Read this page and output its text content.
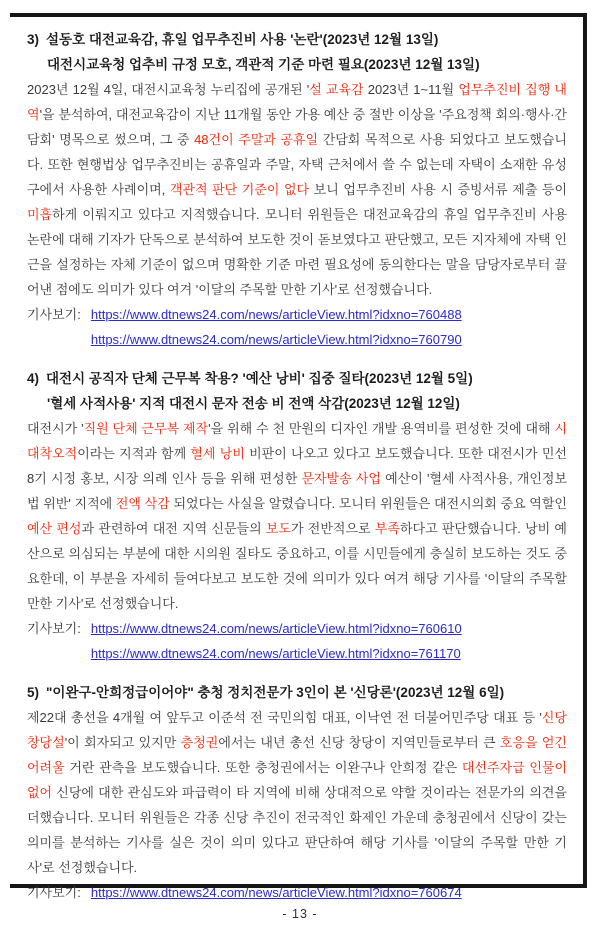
3) 설동호 대전교육감, 휴일 업무추진비 사용 '논란'(2023년 12월 13일)
대전시교육청 업추비 규정 모호, 객관적 기준 마련 필요(2023년 12월 13일)

2023년 12월 4일, 대전시교육청 누리집에 공개된 '설 교육감 2023년 1~11월 업무추진비 집행 내역'을 분석하여, 대전교육감이 지난 11개월 동안 가용 예산 중 절반 이상을 '주요정책 회의·행사·간담회' 명목으로 썼으며, 그 중 48건이 주말과 공휴일 간담회 목적으로 사용 되었다고 보도했습니다. 또한 현행법상 업무추진비는 공휴일과 주말, 자택 근처에서 쓸 수 없는데 자택이 소재한 유성구에서 사용한 사례이며, 객관적 판단 기준이 없다 보니 업무추진비 사용 시 증빙서류 제출 등이 미흡하게 이뤄지고 있다고 지적했습니다. 모니터 위원들은 대전교육감의 휴일 업무추진비 사용 논란에 대해 기자가 단독으로 분석하여 보도한 것이 돋보였다고 판단했고, 모든 지자체에 자택 인근을 설정하는 자체 기준이 없으며 명확한 기준 마련 필요성에 동의한다는 말을 담당자로부터 끌어낸 점에도 의미가 있다 여겨 '이달의 주목할 만한 기사'로 선정했습니다.

기사보기: https://www.dtnews24.com/news/articleView.html?idxno=760488
https://www.dtnews24.com/news/articleView.html?idxno=760790
4) 대전시 공직자 단체 근무복 착용? '예산 낭비' 집중 질타(2023년 12월 5일)
'혈세 사적사용' 지적 대전시 문자 전송 비 전액 삭감(2023년 12월 12일)

대전시가 '직원 단체 근무복 제작'을 위해 수 천 만원의 디자인 개발 용역비를 편성한 것에 대해 시대착오적이라는 지적과 함께 혈세 낭비 비판이 나오고 있다고 보도했습니다. 또한 대전시가 민선8기 시정 홍보, 시장 의례 인사 등을 위해 편성한 문자발송 사업 예산이 '혈세 사적사용, 개인정보법 위반' 지적에 전액 삭감 되었다는 사실을 알렸습니다. 모니터 위원들은 대전시의회 중요 역할인 예산 편성과 관련하여 대전 지역 신문들의 보도가 전반적으로 부족하다고 판단했습니다. 낭비 예산으로 의심되는 부분에 대한 시의원 질타도 중요하고, 이를 시민들에게 충실히 보도하는 것도 중요한데, 이 부분을 자세히 들여다보고 보도한 것에 의미가 있다 여겨 해당 기사를 '이달의 주목할 만한 기사'로 선정했습니다.

기사보기: https://www.dtnews24.com/news/articleView.html?idxno=760610
https://www.dtnews24.com/news/articleView.html?idxno=761170
5) "이완구-안희정급이어야" 충청 정치전문가 3인이 본 '신당론'(2023년 12월 6일)

제22대 총선을 4개월 여 앞두고 이준석 전 국민의힘 대표, 이낙연 전 더불어민주당 대표 등 '신당 창당설'이 회자되고 있지만 충청권에서는 내년 총선 신당 창당이 지역민들로부터 큰 호응을 얻긴 어려울 거란 관측을 보도했습니다. 또한 충청권에서는 이완구나 안희정 같은 대선주자급 인물이 없어 신당에 대한 관심도와 파급력이 타 지역에 비해 상대적으로 약할 것이라는 전문가의 의견을 더했습니다. 모니터 위원들은 각종 신당 추진이 전국적인 화제인 가운데 충청권에서 신당이 갖는 의미를 분석하는 기사를 실은 것이 의미 있다고 판단하여 해당 기사를 '이달의 주목할 만한 기사'로 선정했습니다.

기사보기: https://www.dtnews24.com/news/articleView.html?idxno=760674
- 13 -
